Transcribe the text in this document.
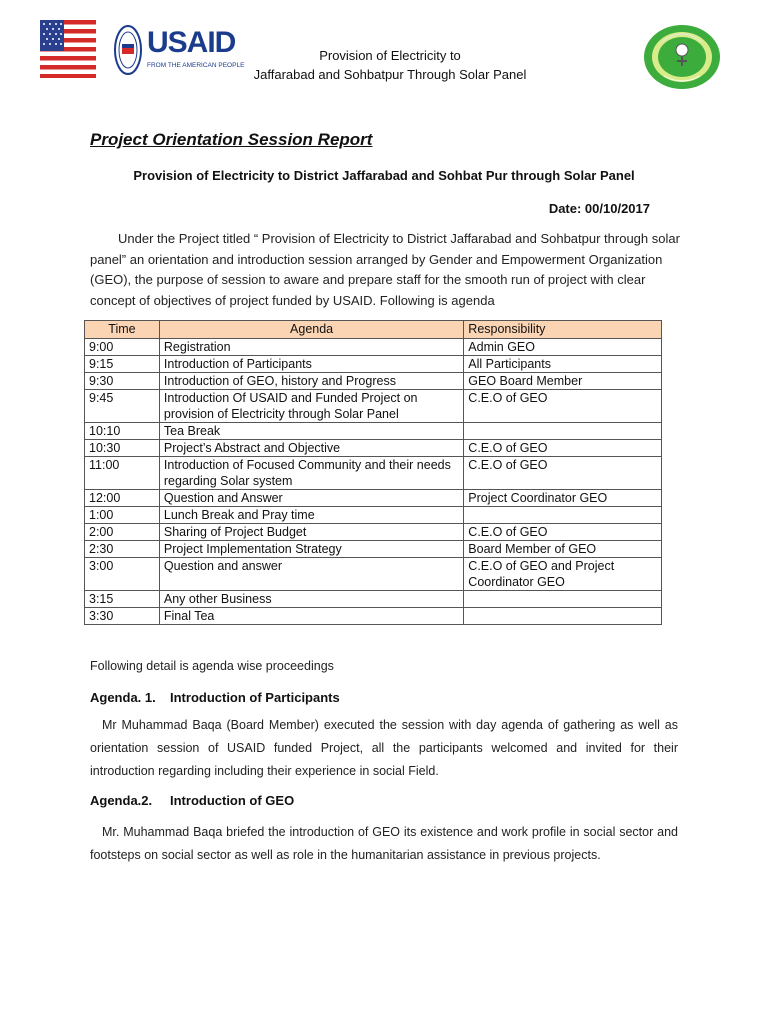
USAID
FROM THE AMERICAN PEOPLE
Provision of Electricity to
Jaffarabad and Sohbatpur Through Solar Panel
Project Orientation Session Report
Provision of Electricity to District Jaffarabad and Sohbat Pur through Solar Panel
Date: 00/10/2017
Under the Project titled “ Provision of Electricity to District Jaffarabad and Sohbatpur through solar panel” an orientation and introduction session arranged by Gender and Empowerment Organization (GEO), the purpose of session to aware and prepare staff for the smooth run of project with clear concept of objectives of project funded by USAID. Following is agenda
Time	Agenda	Responsibility
9:00	Registration	Admin GEO
9:15	Introduction of Participants	All Participants
9:30	Introduction of GEO, history and Progress	GEO Board Member
9:45	Introduction Of USAID and Funded Project on provision of Electricity through Solar Panel	C.E.O of GEO
10:10	Tea Break	
10:30	Project’s Abstract and Objective	C.E.O of GEO
11:00	Introduction of Focused Community and their needs regarding Solar system	C.E.O of GEO
12:00	Question and Answer	Project Coordinator GEO
1:00	Lunch Break and Pray time	
2:00	Sharing of Project Budget	C.E.O of GEO
2:30	Project Implementation Strategy	Board Member of GEO
3:00	Question and answer	C.E.O of GEO and Project Coordinator GEO
3:15	Any other Business	
3:30	Final Tea	
Following detail is agenda wise proceedings
Agenda. 1. Introduction of Participants
Mr Muhammad Baqa (Board Member) executed the session with day agenda of gathering as well as orientation session of USAID funded Project, all the participants welcomed and invited for their introduction regarding including their experience in social Field.
Agenda.2. Introduction of GEO
Mr. Muhammad Baqa briefed the introduction of GEO its existence and work profile in social sector and footsteps on social sector as well as role in the humanitarian assistance in previous projects.
